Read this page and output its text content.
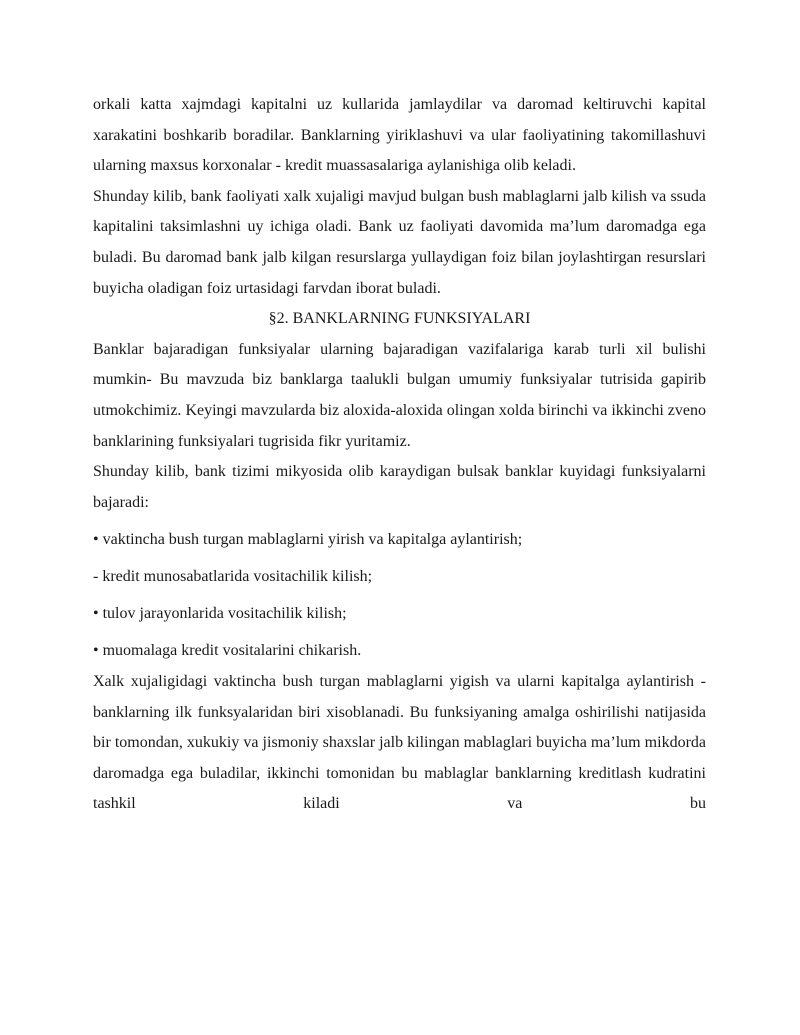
orkali katta xajmdagi kapitalni uz kullarida jamlaydilar va daromad keltiruvchi kapital xarakatini boshkarib boradilar. Banklarning yiriklashuvi va ular faoliyatining takomillashuvi ularning maxsus korxonalar - kredit muassasalariga aylanishiga olib keladi.

Shunday kilib, bank faoliyati xalk xujaligi mavjud bulgan bush mablaglarni jalb kilish va ssuda kapitalini taksimlashni uy ichiga oladi. Bank uz faoliyati davomida ma’lum daromadga ega buladi. Bu daromad bank jalb kilgan resurslarga yullaydigan foiz bilan joylashtirgan resurslari buyicha oladigan foiz urtasidagi farvdan iborat buladi.

§2. BANKLARNING FUNKSIYALARI

Banklar bajaradigan funksiyalar ularning bajaradigan vazifalariga karab turli xil bulishi mumkin- Bu mavzuda biz banklarga taalukli bulgan umumiy funksiyalar tutrisida gapirib utmokchimiz. Keyingi mavzularda biz aloxida-aloxida olingan xolda birinchi va ikkinchi zveno banklarining funksiyalari tugrisida fikr yuritamiz.

Shunday kilib, bank tizimi mikyosida olib karaydigan bulsak banklar kuyidagi funksiyalarni bajaradi:

• vaktincha bush turgan mablaglarni yirish va kapitalga aylantirish;

- kredit munosabatlarida vositachilik kilish;

• tulov jarayonlarida vositachilik kilish;

• muomalaga kredit vositalarini chikarish.

Xalk xujaligidagi vaktincha bush turgan mablaglarni yigish va ularni kapitalga aylantirish - banklarning ilk funksyalaridan biri xisoblanadi. Bu funksiyaning amalga oshirilishi natijasida bir tomondan, xukukiy va jismoniy shaxslar jalb kilingan mablaglari buyicha ma’lum mikdorda daromadga ega buladilar, ikkinchi tomonidan bu mablaglar banklarning kreditlash kudratini tashkil kiladi va bu
